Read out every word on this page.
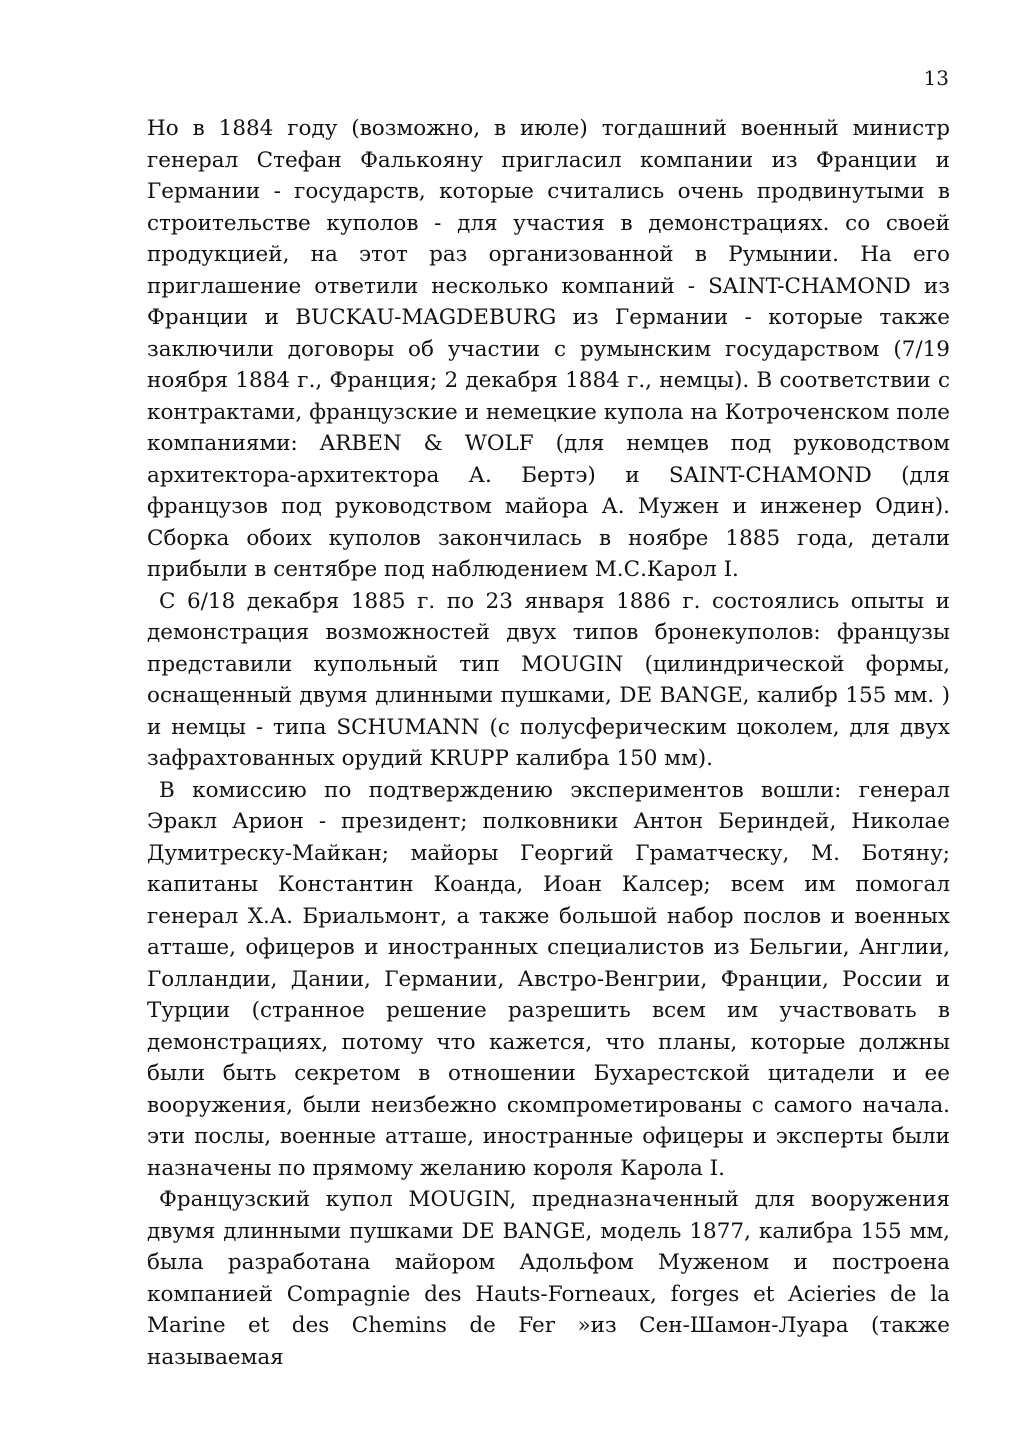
13

Но в 1884 году (возможно, в июле) тогдашний военный министр генерал Стефан Фалькояну пригласил компании из Франции и Германии - государств, которые считались очень продвинутыми в строительстве куполов - для участия в демонстрациях. со своей продукцией, на этот раз организованной в Румынии. На его приглашение ответили несколько компаний - SAINT-CHAMOND из Франции и BUCKAU-MAGDEBURG из Германии - которые также заключили договоры об участии с румынским государством (7/19 ноября 1884 г., Франция; 2 декабря 1884 г., немцы). В соответствии с контрактами, французские и немецкие купола на Котроченском поле компаниями: ARBEN & WOLF (для немцев под руководством архитектора-архитектора А. Бертэ) и SAINT-CHAMOND (для французов под руководством майора А. Мужен и инженер Один). Сборка обоих куполов закончилась в ноябре 1885 года, детали прибыли в сентябре под наблюдением М.С.Карол I.

С 6/18 декабря 1885 г. по 23 января 1886 г. состоялись опыты и демонстрация возможностей двух типов бронекуполов: французы представили купольный тип MOUGIN (цилиндрической формы, оснащенный двумя длинными пушками, DE BANGE, калибр 155 мм. ) и немцы - типа SCHUMANN (с полусферическим цоколем, для двух зафрахтованных орудий KRUPP калибра 150 мм).

В комиссию по подтверждению экспериментов вошли: генерал Эракл Арион - президент; полковники Антон Бериндей, Николае Думитреску-Майкан; майоры Георгий Граматческу, М. Ботяну; капитаны Константин Коанда, Иоан Калсер; всем им помогал генерал Х.А. Бриальмонт, а также большой набор послов и военных атташе, офицеров и иностранных специалистов из Бельгии, Англии, Голландии, Дании, Германии, Австро-Венгрии, Франции, России и Турции (странное решение разрешить всем им участвовать в демонстрациях, потому что кажется, что планы, которые должны были быть секретом в отношении Бухарестской цитадели и ее вооружения, были неизбежно скомпрометированы с самого начала. эти послы, военные атташе, иностранные офицеры и эксперты были назначены по прямому желанию короля Карола I.

Французский купол MOUGIN, предназначенный для вооружения двумя длинными пушками DE BANGE, модель 1877, калибра 155 мм, была разработана майором Адольфом Муженом и построена компанией Compagnie des Hauts-Forneaux, forges et Acieries de la Marine et des Chemins de Fer »из Сен-Шамон-Луара (также называемая
